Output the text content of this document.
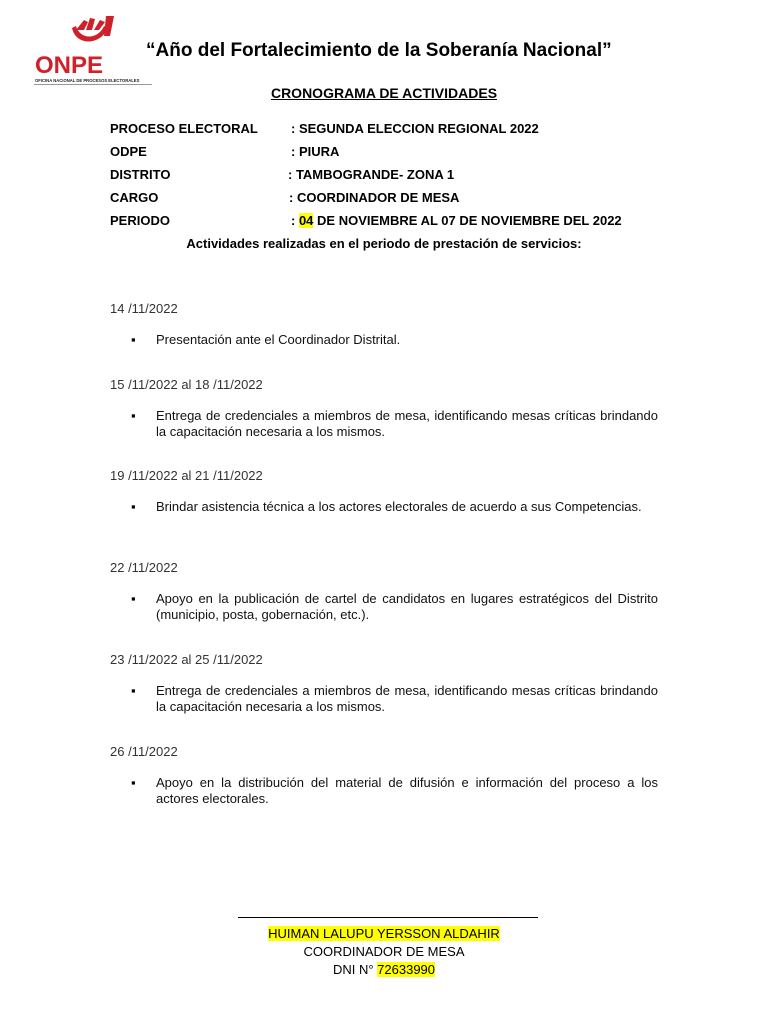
ONPE
OFICINA NACIONAL DE PROCESOS ELECTORALES
“Año del Fortalecimiento de la Soberanía Nacional”
CRONOGRAMA DE ACTIVIDADES
PROCESO ELECTORAL	: SEGUNDA ELECCION REGIONAL 2022
ODPE	: PIURA
DISTRITO	: TAMBOGRANDE- ZONA 1
CARGO	: COORDINADOR DE MESA
PERIODO	: 04 DE NOVIEMBRE AL 07 DE NOVIEMBRE DEL 2022
Actividades realizadas en el periodo de prestación de servicios:
14 /11/2022
▪ Presentación ante el Coordinador Distrital.
15 /11/2022 al 18 /11/2022
▪ Entrega de credenciales a miembros de mesa, identificando mesas críticas brindando la capacitación necesaria a los mismos.
19 /11/2022 al 21 /11/2022
▪ Brindar asistencia técnica a los actores electorales de acuerdo a sus Competencias.
22 /11/2022
▪ Apoyo en la publicación de cartel de candidatos en lugares estratégicos del Distrito (municipio, posta, gobernación, etc.).
23 /11/2022 al 25 /11/2022
▪ Entrega de credenciales a miembros de mesa, identificando mesas críticas brindando la capacitación necesaria a los mismos.
26 /11/2022
▪ Apoyo en la distribución del material de difusión e información del proceso a los actores electorales.
HUIMAN LALUPU YERSSON ALDAHIR
COORDINADOR DE MESA
DNI N° 72633990
